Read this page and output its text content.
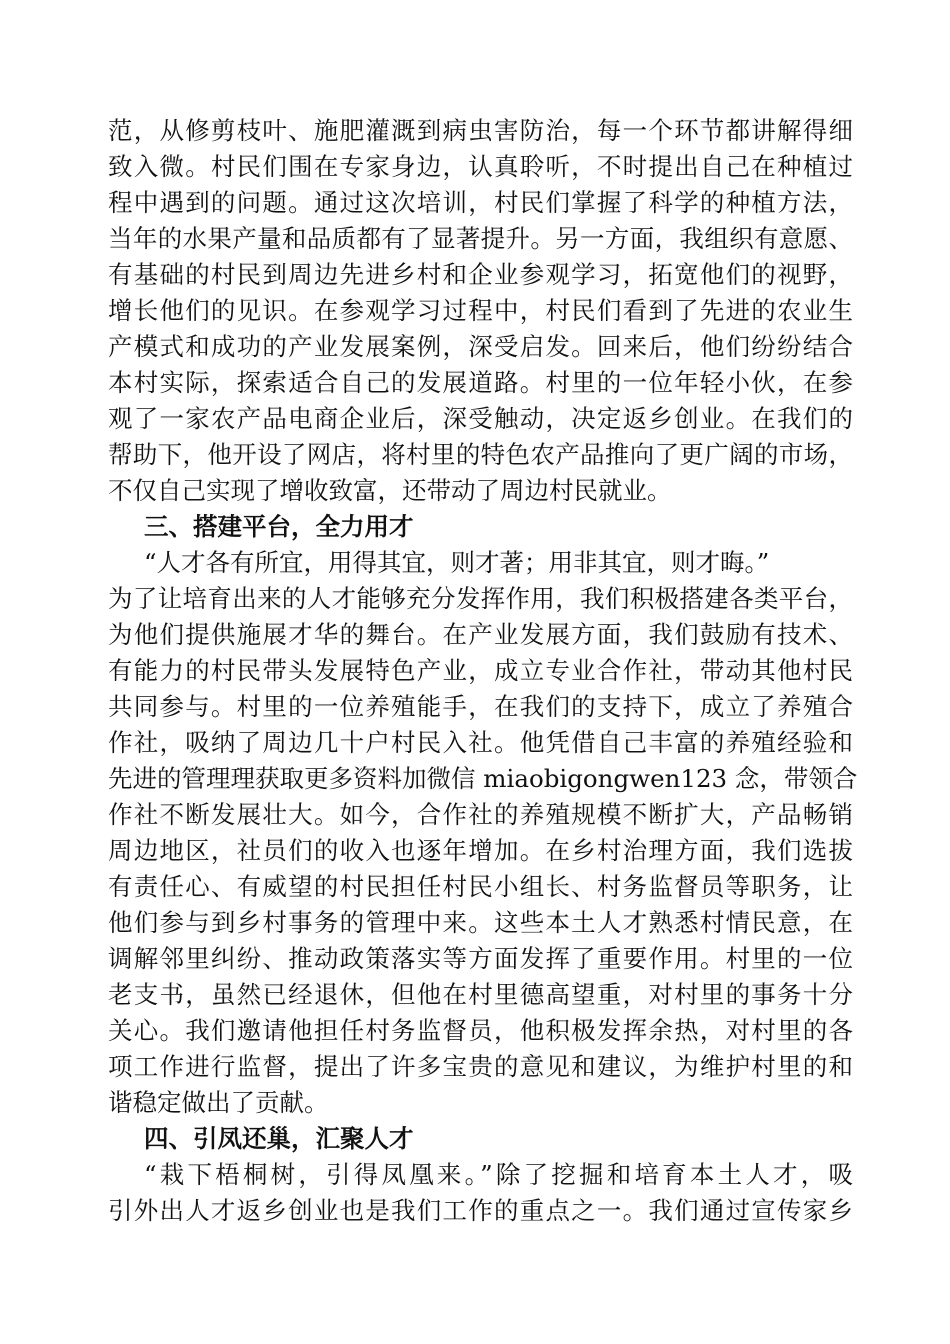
范，从修剪枝叶、施肥灌溉到病虫害防治，每一个环节都讲解得细
致入微。村民们围在专家身边，认真聆听，不时提出自己在种植过
程中遇到的问题。通过这次培训，村民们掌握了科学的种植方法，
当年的水果产量和品质都有了显著提升。另一方面，我组织有意愿、
有基础的村民到周边先进乡村和企业参观学习，拓宽他们的视野，
增长他们的见识。在参观学习过程中，村民们看到了先进的农业生
产模式和成功的产业发展案例，深受启发。回来后，他们纷纷结合
本村实际，探索适合自己的发展道路。村里的一位年轻小伙，在参
观了一家农产品电商企业后，深受触动，决定返乡创业。在我们的
帮助下，他开设了网店，将村里的特色农产品推向了更广阔的市场，
不仅自己实现了增收致富，还带动了周边村民就业。
三、搭建平台，全力用才
“人才各有所宜，用得其宜，则才著；用非其宜，则才晦。”
为了让培育出来的人才能够充分发挥作用，我们积极搭建各类平台，
为他们提供施展才华的舞台。在产业发展方面，我们鼓励有技术、
有能力的村民带头发展特色产业，成立专业合作社，带动其他村民
共同参与。村里的一位养殖能手，在我们的支持下，成立了养殖合
作社，吸纳了周边几十户村民入社。他凭借自己丰富的养殖经验和
先进的管理理获取更多资料加微信 miaobigongwen123 念，带领合
作社不断发展壮大。如今，合作社的养殖规模不断扩大，产品畅销
周边地区，社员们的收入也逐年增加。在乡村治理方面，我们选拔
有责任心、有威望的村民担任村民小组长、村务监督员等职务，让
他们参与到乡村事务的管理中来。这些本土人才熟悉村情民意，在
调解邻里纠纷、推动政策落实等方面发挥了重要作用。村里的一位
老支书，虽然已经退休，但他在村里德高望重，对村里的事务十分
关心。我们邀请他担任村务监督员，他积极发挥余热，对村里的各
项工作进行监督，提出了许多宝贵的意见和建议，为维护村里的和
谐稳定做出了贡献。
四、引凤还巢，汇聚人才
“栽下梧桐树，引得凤凰来。”除了挖掘和培育本土人才，吸
引外出人才返乡创业也是我们工作的重点之一。我们通过宣传家乡
